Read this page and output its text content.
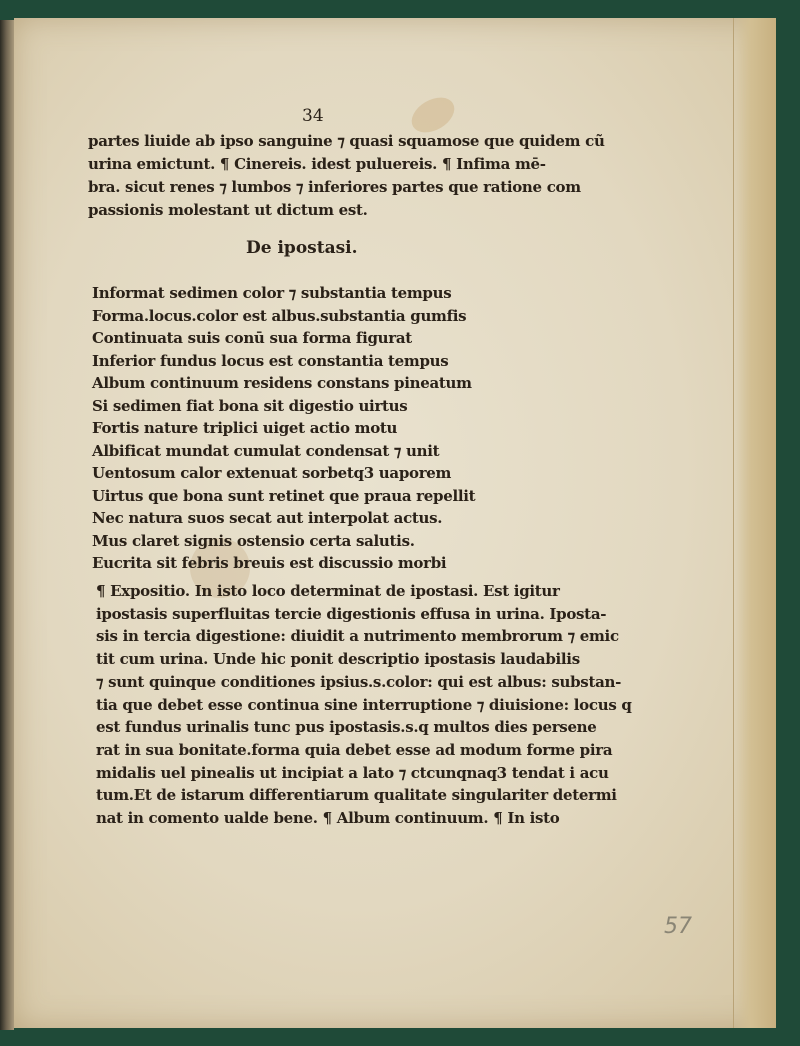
34
partes liuide ab ipso sanguine ⁊ quasi squamose que quidem cũ
urina emictunt. ¶ Cinereis. idest puluereis. ¶ Infima mē-
bra. sicut renes ⁊ lumbos ⁊ inferiores partes que ratione com
passionis molestant ut dictum est.
De ipostasi.
Informat sedimen color ⁊ substantia tempus
Forma.locus.color est albus.substantia gumfis
Continuata suis conū sua forma figurat
Inferior fundus locus est constantia tempus
Album continuum residens constans pineatum
Si sedimen fiat bona sit digestio uirtus
Fortis nature triplici uiget actio motu
Albificat mundat cumulat condensat ⁊ unit
Uentosum calor extenuat sorbetq3 uaporem
Uirtus que bona sunt retinet que praua repellit
Nec natura suos secat aut interpolat actus.
Mus claret signis ostensio certa salutis.
Eucrita sit febris breuis est discussio morbi
¶ Expositio. In isto loco determinat de ipostasi. Est igitur
ipostasis superfluitas tercie digestionis effusa in urina. Iposta-
sis in tercia digestione: diuidit a nutrimento membrorum ⁊ emic
tit cum urina. Unde hic ponit descriptio ipostasis laudabilis
⁊ sunt quinque conditiones ipsius.s.color: qui est albus: substan-
tia que debet esse continua sine interruptione ⁊ diuisione: locus q
est fundus urinalis tunc pus ipostasis.s.q multos dies persene
rat in sua bonitate.forma quia debet esse ad modum forme pira
midalis uel pinealis ut incipiat a lato ⁊ ctcunqnaq3 tendat i acu
tum.Et de istarum differentiarum qualitate singulariter determi
nat in comento ualde bene. ¶ Album continuum. ¶ In isto
57
